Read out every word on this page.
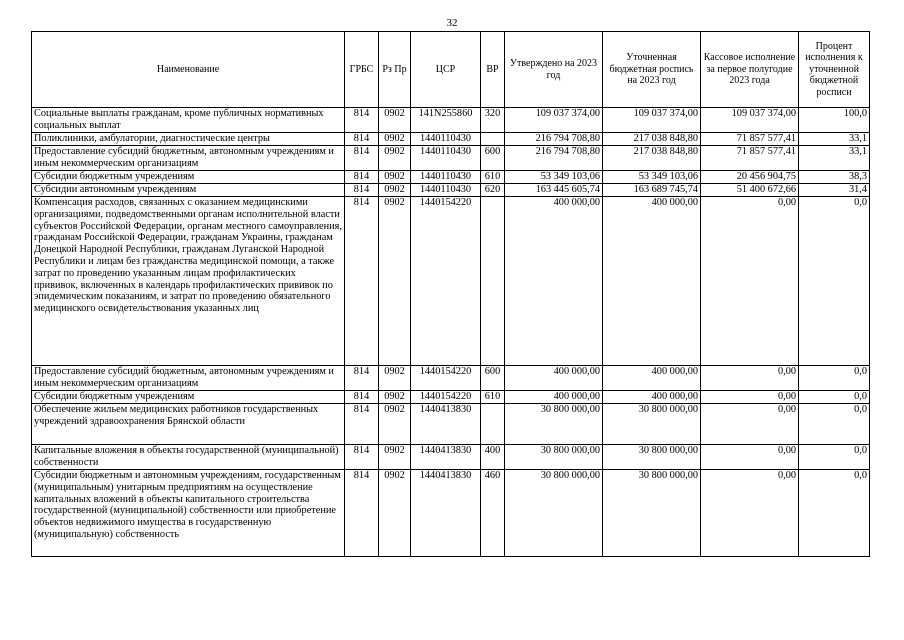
32
Наименование	ГРБС	Рз Пр	ЦСР	ВР	Утверждено на 2023 год	Уточненная бюджетная роспись на 2023 год	Кассовое исполнение за первое полугодие 2023 года	Процент исполнения к уточненной бюджетной росписи
Социальные выплаты гражданам, кроме публичных нормативных социальных выплат	814	0902	141N255860	320	109 037 374,00	109 037 374,00	109 037 374,00	100,0
Поликлиники, амбулатории, диагностические центры	814	0902	1440110430		216 794 708,80	217 038 848,80	71 857 577,41	33,1
Предоставление субсидий бюджетным, автономным учреждениям и иным некоммерческим организациям	814	0902	1440110430	600	216 794 708,80	217 038 848,80	71 857 577,41	33,1
Субсидии бюджетным учреждениям	814	0902	1440110430	610	53 349 103,06	53 349 103,06	20 456 904,75	38,3
Субсидии автономным учреждениям	814	0902	1440110430	620	163 445 605,74	163 689 745,74	51 400 672,66	31,4
Компенсация расходов, связанных с оказанием медицинскими организациями, подведомственными органам исполнительной власти субъектов Российской Федерации, органам местного самоуправления, гражданам Российской Федерации, гражданам Украины, гражданам Донецкой Народной Республики, гражданам Луганской Народной Республики и лицам без гражданства медицинской помощи, а также затрат по проведению указанным лицам профилактических прививок, включенных в календарь профилактических прививок по эпидемическим показаниям, и затрат по проведению обязательного медицинского освидетельствования указанных лиц	814	0902	1440154220		400 000,00	400 000,00	0,00	0,0
Предоставление субсидий бюджетным, автономным учреждениям и иным некоммерческим организациям	814	0902	1440154220	600	400 000,00	400 000,00	0,00	0,0
Субсидии бюджетным учреждениям	814	0902	1440154220	610	400 000,00	400 000,00	0,00	0,0
Обеспечение жильем медицинских работников государственных учреждений здравоохранения Брянской области	814	0902	1440413830		30 800 000,00	30 800 000,00	0,00	0,0
Капитальные вложения в объекты государственной (муниципальной) собственности	814	0902	1440413830	400	30 800 000,00	30 800 000,00	0,00	0,0
Субсидии бюджетным и автономным учреждениям, государственным (муниципальным) унитарным предприятиям на осуществление капитальных вложений в объекты капитального строительства государственной (муниципальной) собственности или приобретение объектов недвижимого имущества в государственную (муниципальную) собственность	814	0902	1440413830	460	30 800 000,00	30 800 000,00	0,00	0,0
